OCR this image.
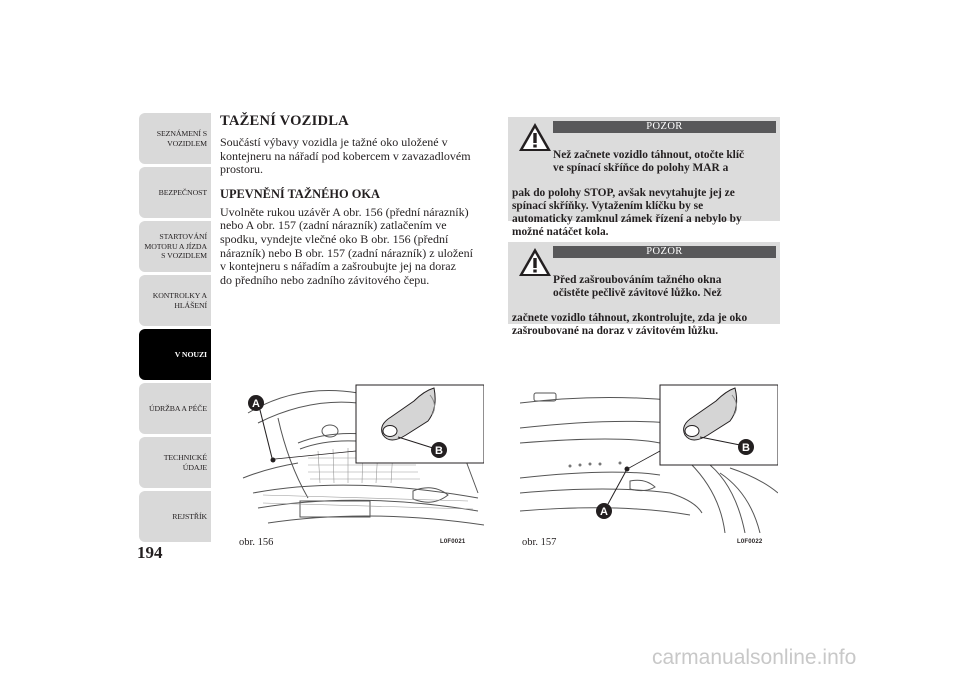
SEZNÁMENÍ S
VOZIDLEM
BEZPEČNOST
STARTOVÁNÍ
MOTORU A JÍZDA
S VOZIDLEM
KONTROLKY A
HLÁŠENÍ
V NOUZI
ÚDRŽBA A PÉČE
TECHNICKÉ
ÚDAJE
REJSTŘÍK
194
TAŽENÍ VOZIDLA

Součástí výbavy vozidla je tažné oko uložené v
kontejneru na nářadí pod kobercem v zavazadlovém
prostoru.

UPEVNĚNÍ TAŽNÉHO OKA

Uvolněte rukou uzávěr A obr. 156 (přední nárazník)
nebo A obr. 157 (zadní nárazník) zatlačením ve
spodku, vyndejte vlečné oko B obr. 156 (přední
nárazník) nebo B obr. 157 (zadní nárazník) z uložení
v kontejneru s nářadím a zašroubujte jej na doraz
do předního nebo zadního závitového čepu.

POZOR

Než začnete vozidlo táhnout, otočte klíč
ve spínací skříňce do polohy MAR a

pak do polohy STOP, avšak nevytahujte jej ze
spínací skříňky. Vytažením klíčku by se
automaticky zamknul zámek řízení a nebylo by
možné natáčet kola.

POZOR

Před zašroubováním tažného okna
očistěte pečlivě závitové lůžko. Než

začnete vozidlo táhnout, zkontrolujte, zda je oko
zašroubované na doraz v závitovém lůžku.

B
A
obr. 156	L0F0021
B
A
obr. 157	L0F0022
carmanualsonline.info
